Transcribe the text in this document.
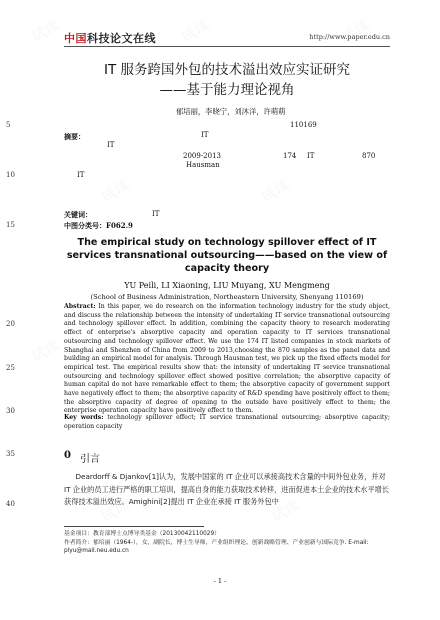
中国科技论文在线	http://www.paper.edu.cn
IT 服务跨国外包的技术溢出效应实证研究
——基于能力理论视角
郁培丽，李晓宁，刘沐洋，许萌萌
110169
5
10
15
20
25
30
35
40
摘要：	IT
IT
2009-2013	174 IT	870
Hausman
IT
关键词：	IT
中图分类号：F062.9
The empirical study on technology spillover effect of IT
services transnational outsourcing——based on the view of
capacity theory
YU Peili, LI Xiaoning, LIU Muyang, XU Mengmeng
(School of Business Administration, Northeastern University, Shenyang 110169)
Abstract: In this paper, we do research on the information technology industry for the study object, and discuss the relationship between the intensity of undertaking IT service transnational outsourcing and technology spillover effect. In addition, combining the capacity theory to research moderating effect of enterprise's absorptive capacity and operation capacity to IT services transnational outsourcing and technology spillover effect. We use the 174 IT listed companies in stock markets of Shanghai and Shenzhen of China from 2009 to 2013,choosing the 870 samples as the panel data and building an empirical model for analysis. Through Hausman test, we pick up the fixed effects model for empirical test. The empirical results show that: the intensity of undertaking IT service transnational outsourcing and technology spillover effect showed positive correlation; the absorptive capacity of human capital do not have remarkable effect to them; the absorptive capacity of government support have negatively effect to them; the absorptive capacity of R&D spending have positively effect to them; the absorptive capacity of degree of opening to the outside have positively effect to them; the enterprise operation capacity have positively effect to them.
Key words: technology spillover effect; IT service transnational outsourcing; absorptive capacity; operation capacity
0 引言
Deardorff & Djankov[1]认为，发展中国家的 IT 企业可以承接高技术含量的中间外包业务，并对 IT 企业的员工进行严格的职工培训，提高自身的能力获取技术转移，进而促进本土企业的技术水平增长获得技术溢出效应。Amighini[2]提出 IT 企业在承接 IT 服务外包中
基金项目：教育部博士点博导类基金（20130042110029）
作者简介：郁培丽（1964-），女，副院长，博士生导师，产业组织理论、创新战略管理、产业创新与国际竞争. E-mail: plyu@mail.neu.edu.cn
- 1 -
